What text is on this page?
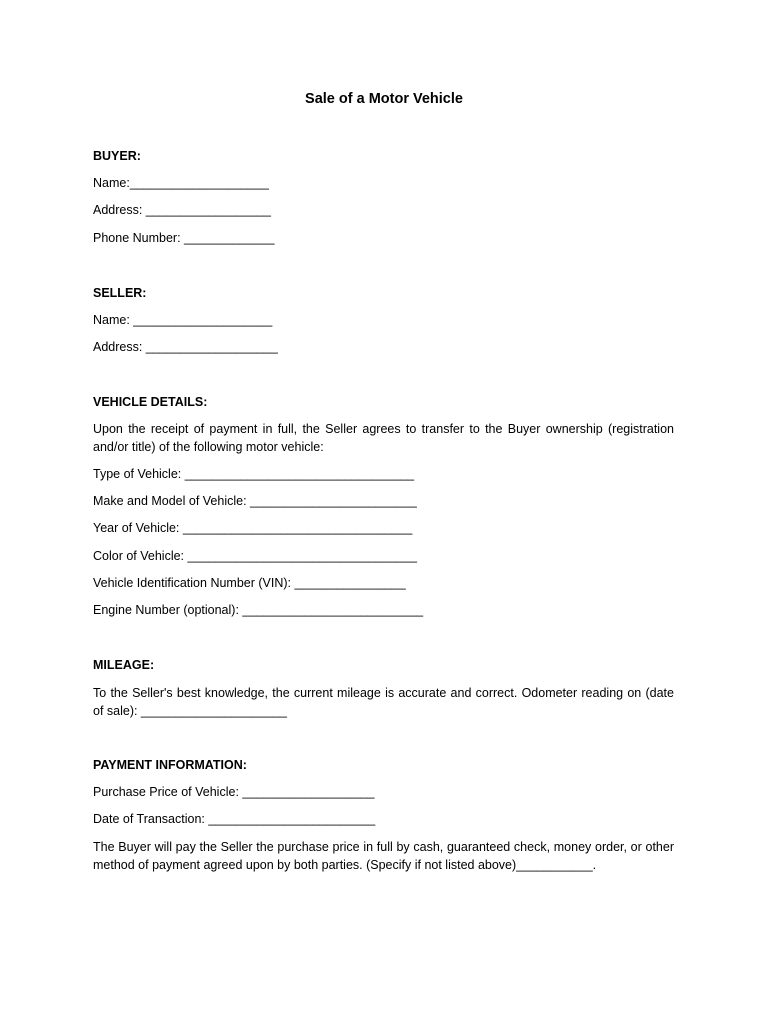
Sale of a Motor Vehicle
BUYER:
Name:____________________
Address: __________________
Phone Number: _____________
SELLER:
Name: ____________________
Address: ___________________
VEHICLE DETAILS:
Upon the receipt of payment in full, the Seller agrees to transfer to the Buyer ownership (registration and/or title) of the following motor vehicle:
Type of Vehicle: _________________________________
Make and Model of Vehicle: ________________________
Year of Vehicle: _________________________________
Color of Vehicle: _________________________________
Vehicle Identification Number (VIN): ________________
Engine Number (optional): __________________________
MILEAGE:
To the Seller's best knowledge, the current mileage is accurate and correct. Odometer reading on (date of sale): _____________________
PAYMENT INFORMATION:
Purchase Price of Vehicle: ___________________
Date of Transaction: ________________________
The Buyer will pay the Seller the purchase price in full by cash, guaranteed check, money order, or other method of payment agreed upon by both parties. (Specify if not listed above)___________.
